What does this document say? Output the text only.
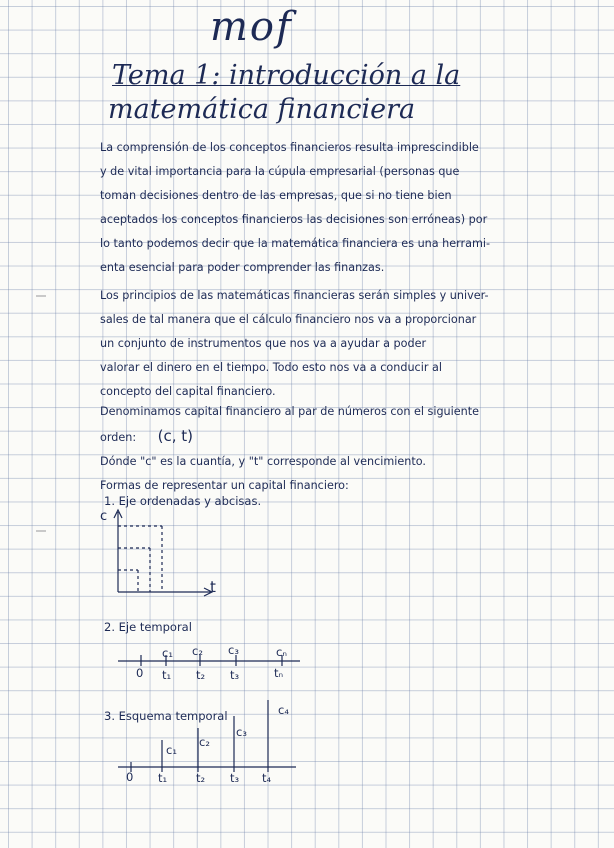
mof
Tema 1: introducción a la
matemática financiera
La comprensión de los conceptos financieros resulta imprescindible
y de vital importancia para la cúpula empresarial (personas que
toman decisiones dentro de las empresas, que si no tiene bien
aceptados los conceptos financieros las decisiones son erróneas) por
lo tanto podemos decir que la matemática financiera es una herrami-
enta esencial para poder comprender las finanzas.
Los principios de las matemáticas financieras serán simples y univer-
sales de tal manera que el cálculo financiero nos va a proporcionar
un conjunto de instrumentos que nos va a ayudar a poder
valorar el dinero en el tiempo. Todo esto nos va a conducir al
concepto del capital financiero.
Denominamos capital financiero al par de números con el siguiente
orden: (c, t)
Dónde "c" es la cuantía, y "t" corresponde al vencimiento.
Formas de representar un capital financiero:
1. Eje ordenadas y abcisas.
c
t
2. Eje temporal
c₁ c₂ c₃	cₙ
0 t₁ t₂ t₃	tₙ
3. Esquema temporal
c₁
c₂
c₃
c₄
0 t₁	t₂ t₃ t₄
